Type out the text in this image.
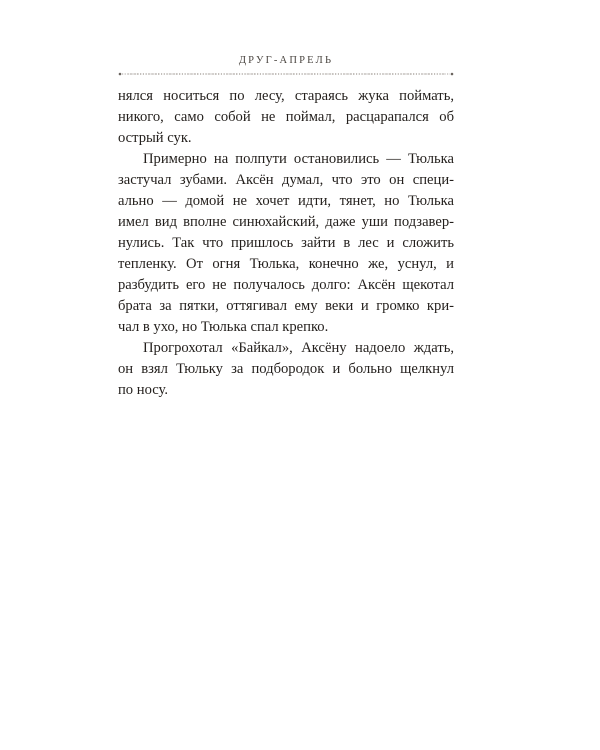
ДРУГ-АПРЕЛЬ
нялся носиться по лесу, стараясь жука поймать,
никого, само собой не поймал, расцарапался об
острый сук.
Примерно на полпути остановились — Тюлька
застучал зубами. Аксён думал, что это он специ-
ально — домой не хочет идти, тянет, но Тюлька
имел вид вполне синюхайский, даже уши подзавер-
нулись. Так что пришлось зайти в лес и сложить
тепленку. От огня Тюлька, конечно же, уснул, и
разбудить его не получалось долго: Аксён щекотал
брата за пятки, оттягивал ему веки и громко кри-
чал в ухо, но Тюлька спал крепко.
Прогрохотал «Байкал», Аксёну надоело ждать,
он взял Тюльку за подбородок и больно щелкнул
по носу.
